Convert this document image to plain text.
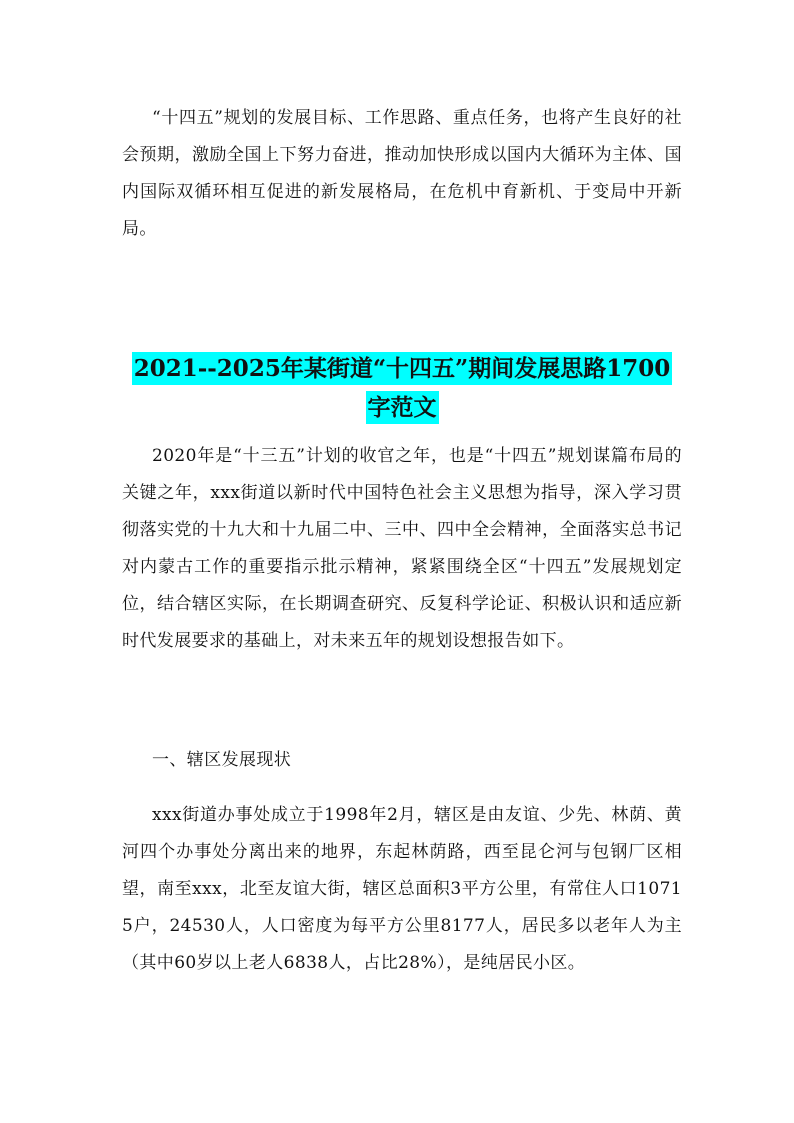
“十四五”规划的发展目标、工作思路、重点任务，也将产生良好的社会预期，激励全国上下努力奋进，推动加快形成以国内大循环为主体、国内国际双循环相互促进的新发展格局，在危机中育新机、于变局中开新局。

2021--2025年某街道“十四五”期间发展思路1700
字范文

2020年是“十三五”计划的收官之年，也是“十四五”规划谋篇布局的关键之年，xxx街道以新时代中国特色社会主义思想为指导，深入学习贯彻落实党的十九大和十九届二中、三中、四中全会精神，全面落实总书记对内蒙古工作的重要指示批示精神，紧紧围绕全区“十四五”发展规划定位，结合辖区实际，在长期调查研究、反复科学论证、积极认识和适应新时代发展要求的基础上，对未来五年的规划设想报告如下。

一、辖区发展现状

xxx街道办事处成立于1998年2月，辖区是由友谊、少先、林荫、黄河四个办事处分离出来的地界，东起林荫路，西至昆仑河与包钢厂区相望，南至xxx，北至友谊大街，辖区总面积3平方公里，有常住人口10715户，24530人，人口密度为每平方公里8177人，居民多以老年人为主（其中60岁以上老人6838人，占比28%），是纯居民小区。
